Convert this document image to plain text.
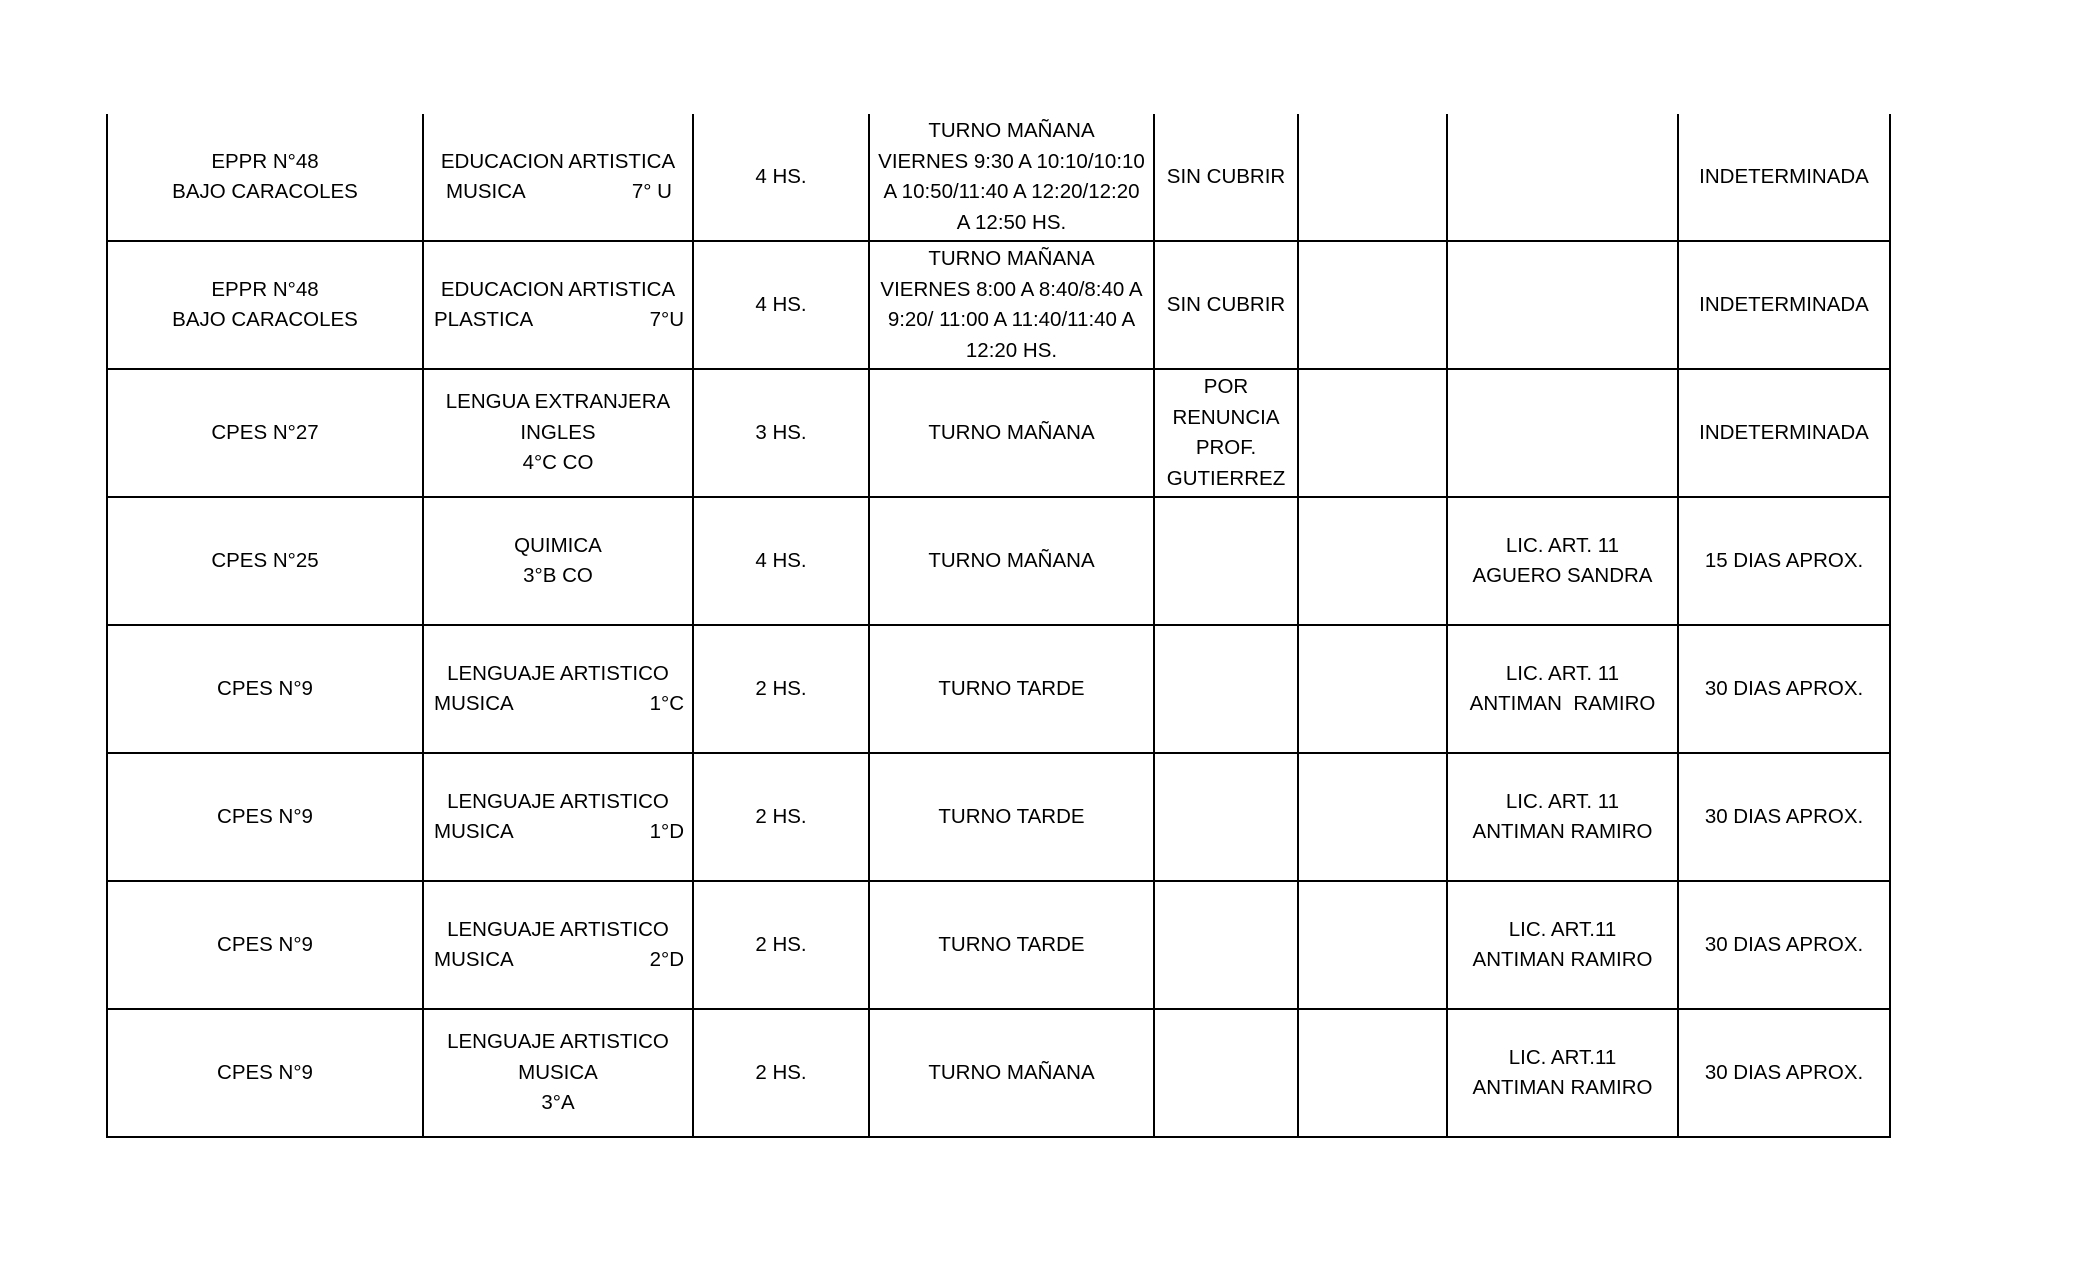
EPPR N°48
BAJO CARACOLES	EDUCACION ARTISTICA
MUSICA 7° U	4 HS.	TURNO MAÑANA
VIERNES 9:30 A 10:10/10:10
A 10:50/11:40 A 12:20/12:20
A 12:50 HS.	SIN CUBRIR			INDETERMINADA

EPPR N°48
BAJO CARACOLES	EDUCACION ARTISTICA
PLASTICA 7°U	4 HS.	TURNO MAÑANA
VIERNES 8:00 A 8:40/8:40 A
9:20/ 11:00 A 11:40/11:40 A
12:20 HS.	SIN CUBRIR			INDETERMINADA

CPES N°27	LENGUA EXTRANJERA
INGLES
4°C CO	3 HS.	TURNO MAÑANA	POR
RENUNCIA
PROF.
GUTIERREZ			INDETERMINADA

CPES N°25	QUIMICA
3°B CO	4 HS.	TURNO MAÑANA			LIC. ART. 11
AGUERO SANDRA	15 DIAS APROX.

CPES N°9	LENGUAJE ARTISTICO
MUSICA 1°C	2 HS.	TURNO TARDE			LIC. ART. 11
ANTIMAN  RAMIRO	30 DIAS APROX.

CPES N°9	LENGUAJE ARTISTICO
MUSICA 1°D	2 HS.	TURNO TARDE			LIC. ART. 11
ANTIMAN RAMIRO	30 DIAS APROX.

CPES N°9	LENGUAJE ARTISTICO
MUSICA 2°D	2 HS.	TURNO TARDE			LIC. ART.11
ANTIMAN RAMIRO	30 DIAS APROX.

CPES N°9	LENGUAJE ARTISTICO
MUSICA
3°A	2 HS.	TURNO MAÑANA			LIC. ART.11
ANTIMAN RAMIRO	30 DIAS APROX.
